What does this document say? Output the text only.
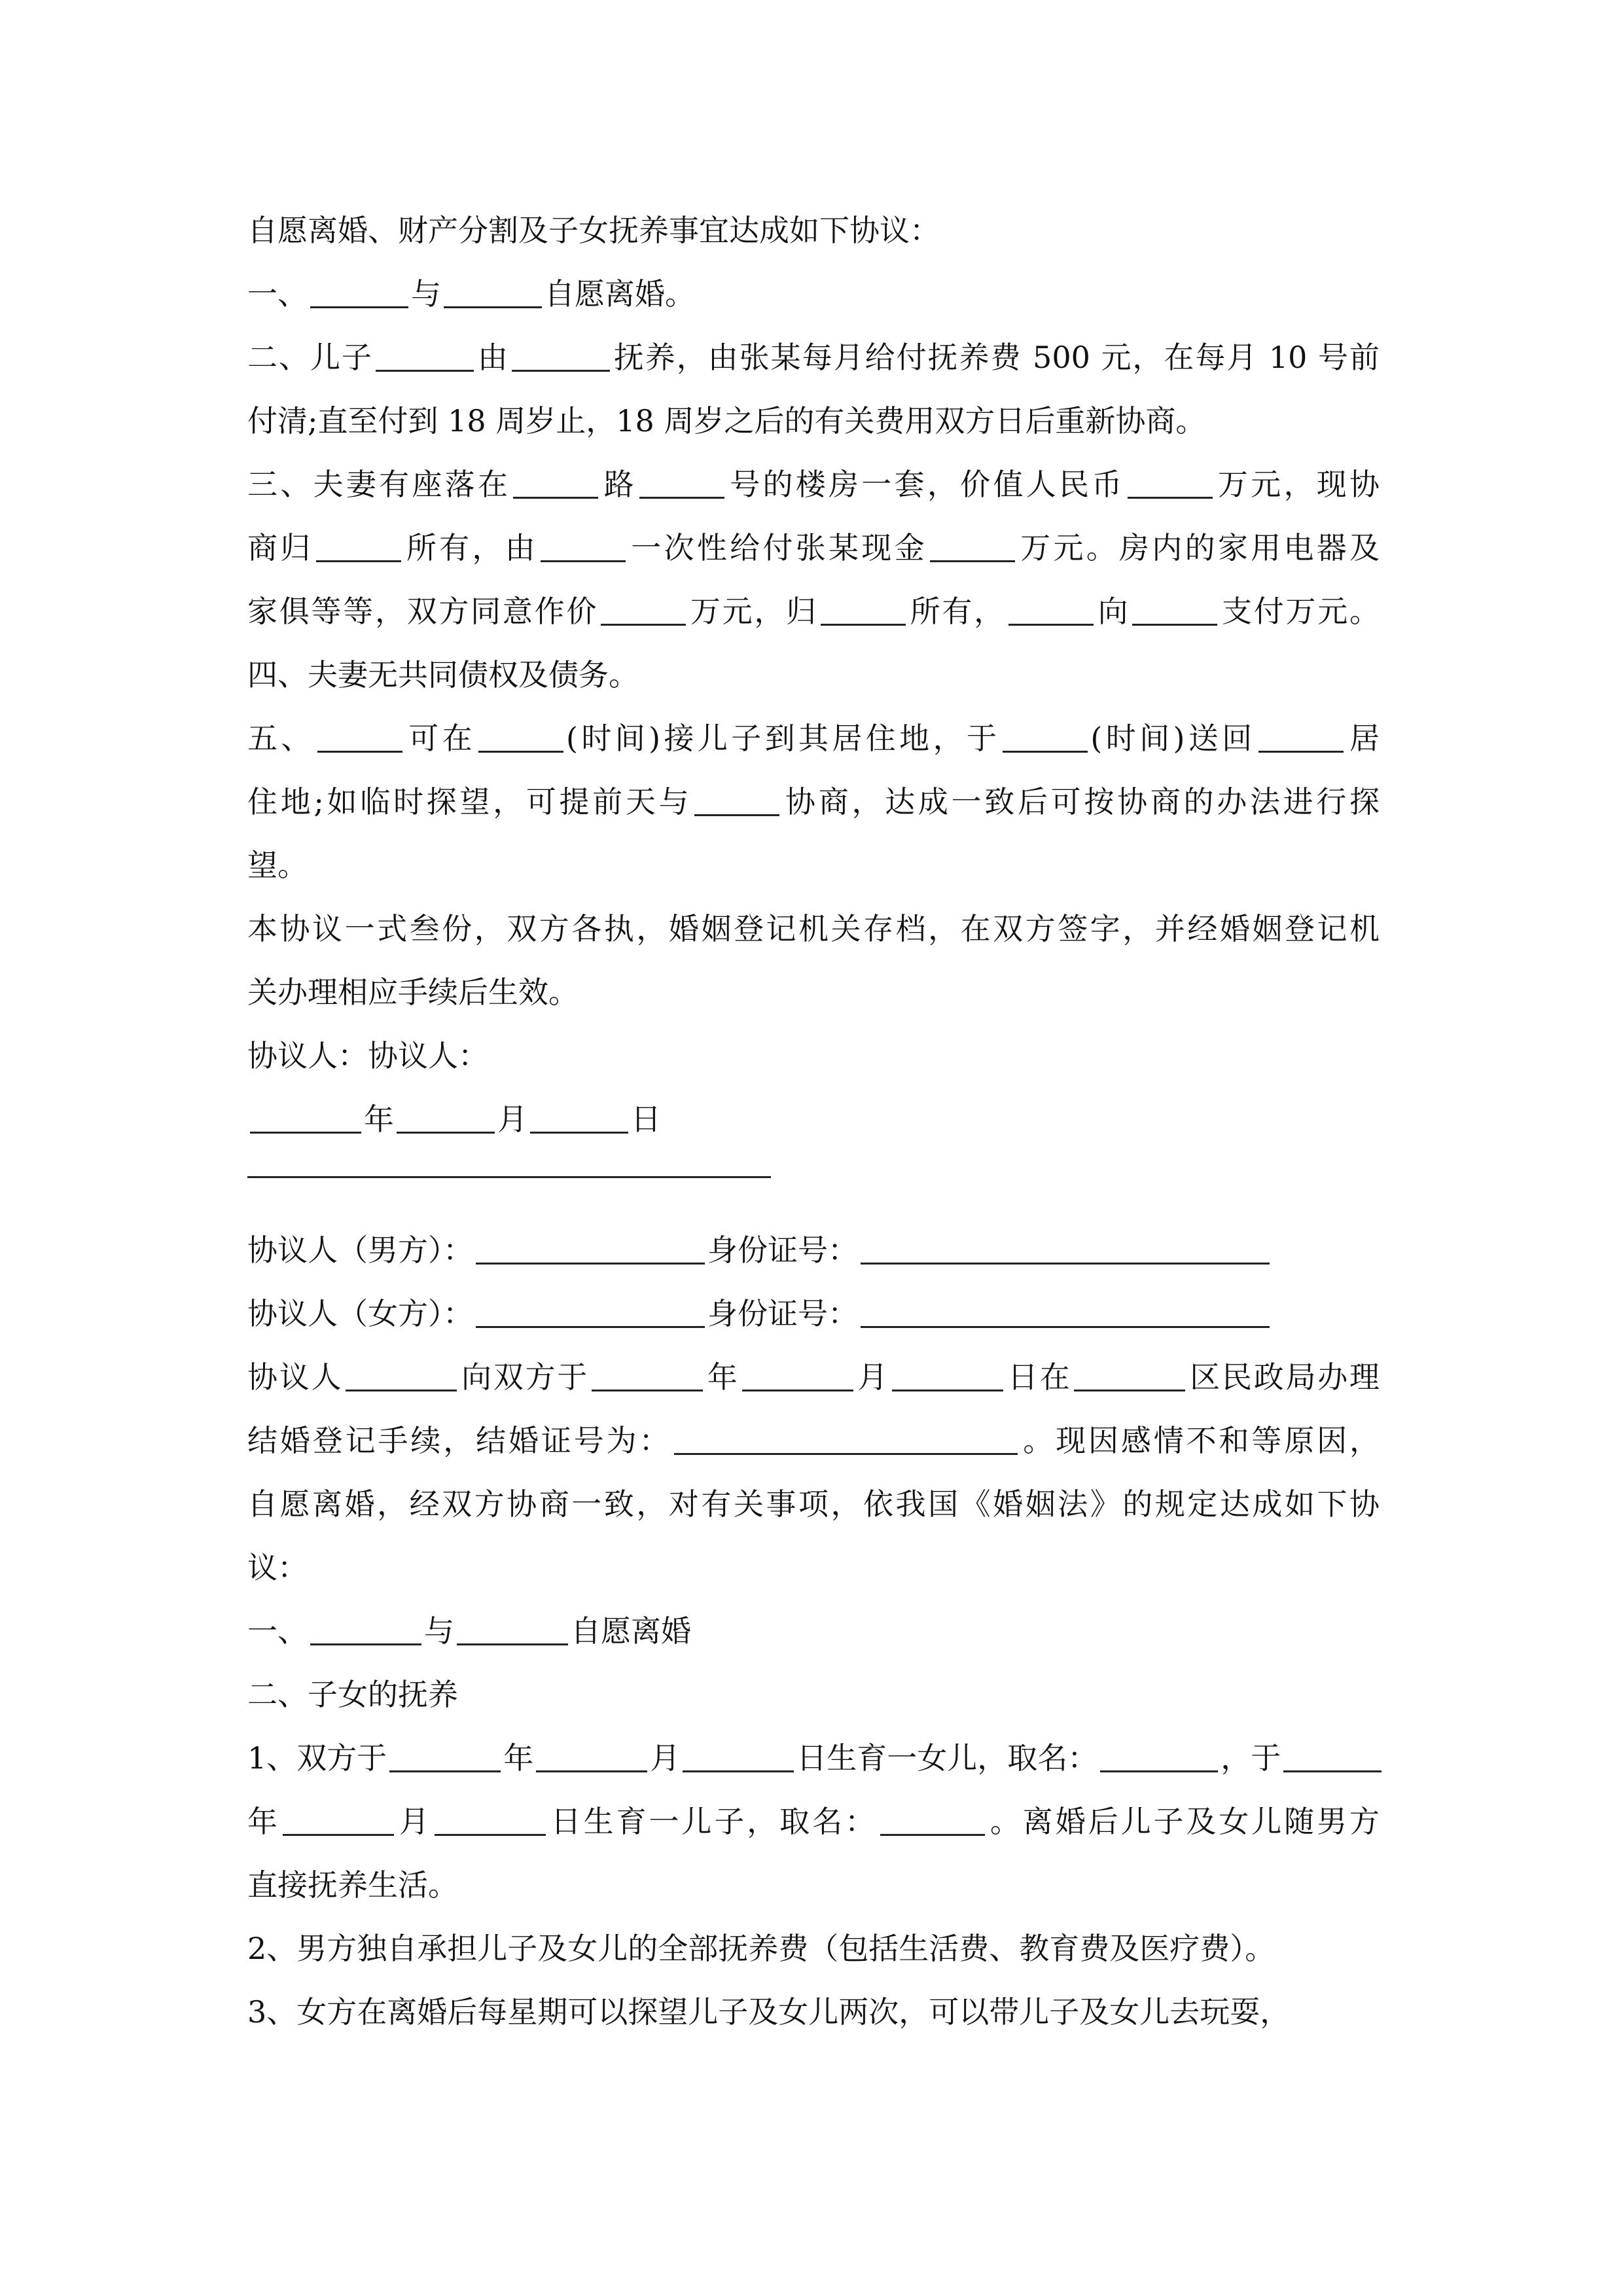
自愿离婚、财产分割及子女抚养事宜达成如下协议：

一、	与	自愿离婚。

二、儿子	由	抚养，由张某每月给付抚养费 500 元，在每月 10 号前
付清;直至付到 18 周岁止，18 周岁之后的有关费用双方日后重新协商。
三、夫妻有座落在	路	号的楼房一套，价值人民币	万元，现协
商归	所有，由	一次性给付张某现金	万元。房内的家用电器及
家俱等等，双方同意作价	万元，归	所有，	向	支付万元。

四、夫妻无共同债权及债务。

五、	可在	(时间)接儿子到其居住地，于	(时间)送回	居
住地;如临时探望，可提前天与	协商，达成一致后可按协商的办法进行探
望。
本协议一式叁份，双方各执，婚姻登记机关存档，在双方签字，并经婚姻登记机
关办理相应手续后生效。

协议人：协议人：

年	月	日

协议人（男方）：	身份证号：

协议人（女方）：	身份证号：

协议人	向双方于	年	月	日在	区民政局办理
结婚登记手续，结婚证号为：	。现因感情不和等原因，
自愿离婚，经双方协商一致，对有关事项，依我国《婚姻法》的规定达成如下协
议：

一、	与	自愿离婚

二、子女的抚养

1、双方于	年	月	日生育一女儿，取名：	，于
年	月	日生育一儿子，取名：	。离婚后儿子及女儿随男方
直接抚养生活。

2、男方独自承担儿子及女儿的全部抚养费（包括生活费、教育费及医疗费）。

3、女方在离婚后每星期可以探望儿子及女儿两次，可以带儿子及女儿去玩耍，
